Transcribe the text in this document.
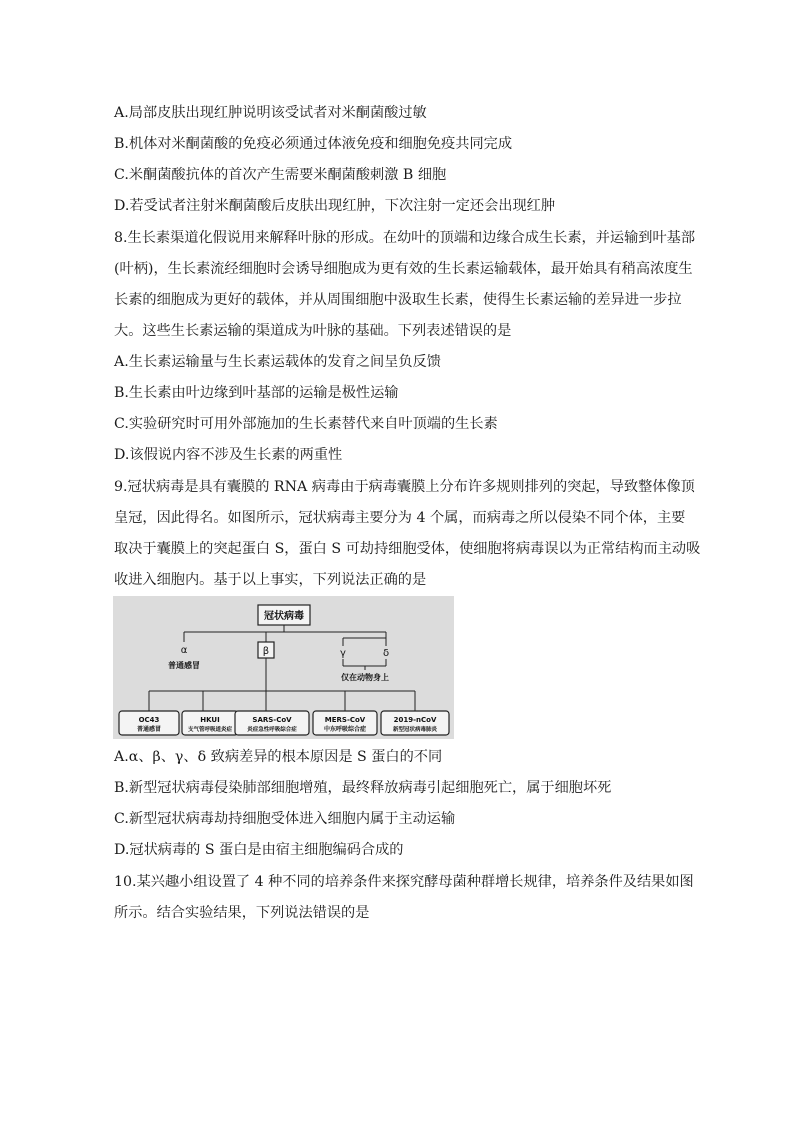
A.局部皮肤出现红肿说明该受试者对米酮菌酸过敏
B.机体对米酮菌酸的免疫必须通过体液免疫和细胞免疫共同完成
C.米酮菌酸抗体的首次产生需要米酮菌酸刺激 B 细胞
D.若受试者注射米酮菌酸后皮肤出现红肿，下次注射一定还会出现红肿
8.生长素渠道化假说用来解释叶脉的形成。在幼叶的顶端和边缘合成生长素，并运输到叶基部
(叶柄)，生长素流经细胞时会诱导细胞成为更有效的生长素运输载体，最开始具有稍高浓度生
长素的细胞成为更好的载体，并从周围细胞中汲取生长素，使得生长素运输的差异进一步拉
大。这些生长素运输的渠道成为叶脉的基础。下列表述错误的是
A.生长素运输量与生长素运载体的发育之间呈负反馈
B.生长素由叶边缘到叶基部的运输是极性运输
C.实验研究时可用外部施加的生长素替代来自叶顶端的生长素
D.该假说内容不涉及生长素的两重性
9.冠状病毒是具有囊膜的 RNA 病毒由于病毒囊膜上分布许多规则排列的突起，导致整体像顶
皇冠，因此得名。如图所示，冠状病毒主要分为 4 个属，而病毒之所以侵染不同个体，主要
取决于囊膜上的突起蛋白 S，蛋白 S 可劫持细胞受体，使细胞将病毒误以为正常结构而主动吸
收进入细胞内。基于以上事实，下列说法正确的是
冠状病毒
α
普通感冒
β	γ	δ
仅在动物身上
OC43
普通感冒
HKUI
支气管呼吸道炎症
SARS-CoV
炎症急性呼吸综合症
MERS-CoV
中东呼吸综合症
2019-nCoV
新型冠状病毒肺炎
A.α、β、γ、δ 致病差异的根本原因是 S 蛋白的不同
B.新型冠状病毒侵染肺部细胞增殖，最终释放病毒引起细胞死亡，属于细胞坏死
C.新型冠状病毒劫持细胞受体进入细胞内属于主动运输
D.冠状病毒的 S 蛋白是由宿主细胞编码合成的
10.某兴趣小组设置了 4 种不同的培养条件来探究酵母菌种群增长规律，培养条件及结果如图
所示。结合实验结果，下列说法错误的是
